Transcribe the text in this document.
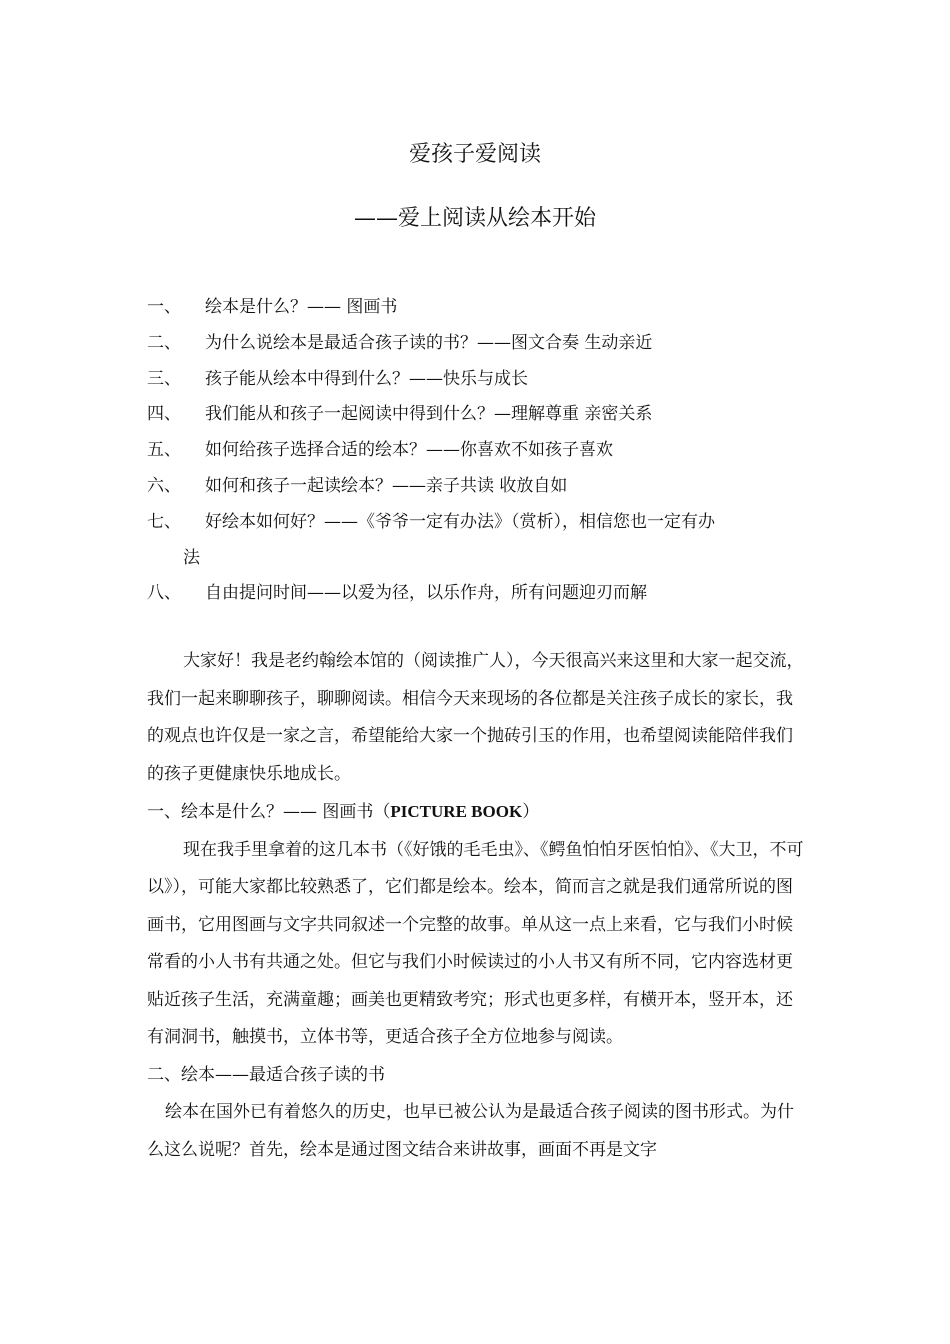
爱孩子爱阅读
——爱上阅读从绘本开始
一、	绘本是什么？—— 图画书
二、	为什么说绘本是最适合孩子读的书？——图文合奏 生动亲近
三、	孩子能从绘本中得到什么？——快乐与成长
四、	我们能从和孩子一起阅读中得到什么？—理解尊重 亲密关系
五、	如何给孩子选择合适的绘本？——你喜欢不如孩子喜欢
六、	如何和孩子一起读绘本？——亲子共读 收放自如
七、	好绘本如何好？——《爷爷一定有办法》（赏析），相信您也一定有办
法
八、	自由提问时间——以爱为径，以乐作舟，所有问题迎刃而解

大家好！我是老约翰绘本馆的（阅读推广人），今天很高兴来这里和大家一起交流，我们一起来聊聊孩子，聊聊阅读。相信今天来现场的各位都是关注孩子成长的家长，我的观点也许仅是一家之言，希望能给大家一个抛砖引玉的作用，也希望阅读能陪伴我们的孩子更健康快乐地成长。

一、绘本是什么？—— 图画书（PICTURE BOOK）

现在我手里拿着的这几本书（《好饿的毛毛虫》、《鳄鱼怕怕牙医怕怕》、《大卫，不可以》），可能大家都比较熟悉了，它们都是绘本。绘本，简而言之就是我们通常所说的图画书，它用图画与文字共同叙述一个完整的故事。单从这一点上来看，它与我们小时候常看的小人书有共通之处。但它与我们小时候读过的小人书又有所不同，它内容选材更贴近孩子生活，充满童趣；画美也更精致考究；形式也更多样，有横开本，竖开本，还有洞洞书，触摸书，立体书等，更适合孩子全方位地参与阅读。

二、绘本——最适合孩子读的书

绘本在国外已有着悠久的历史，也早已被公认为是最适合孩子阅读的图书形式。为什么这么说呢？首先，绘本是通过图文结合来讲故事，画面不再是文字
